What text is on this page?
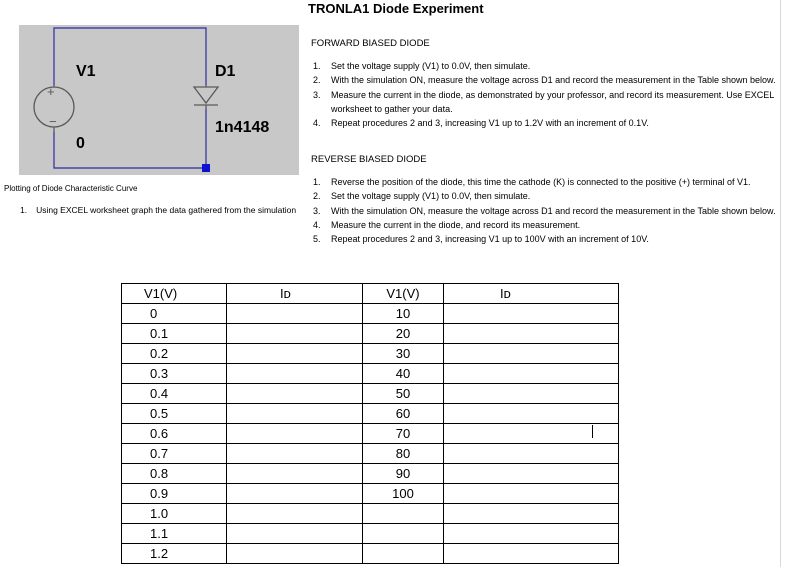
TRONLA1 Diode Experiment
+
−
V1
0
D1
1n4148
FORWARD BIASED DIODE
1. Set the voltage supply (V1) to 0.0V, then simulate.
2. With the simulation ON, measure the voltage across D1 and record the measurement in the Table shown below.
3. Measure the current in the diode, as demonstrated by your professor, and record its measurement. Use EXCEL worksheet to gather your data.
4. Repeat procedures 2 and 3, increasing V1 up to 1.2V with an increment of 0.1V.
REVERSE BIASED DIODE
1. Reverse the position of the diode, this time the cathode (K) is connected to the positive (+) terminal of V1.
2. Set the voltage supply (V1) to 0.0V, then simulate.
3. With the simulation ON, measure the voltage across D1 and record the measurement in the Table shown below.
4. Measure the current in the diode, and record its measurement.
5. Repeat procedures 2 and 3, increasing V1 up to 100V with an increment of 10V.
Plotting of Diode Characteristic Curve
1. Using EXCEL worksheet graph the data gathered from the simulation
V1(V)	Iᴅ	V1(V)	Iᴅ
0		10	
0.1		20	
0.2		30	
0.3		40	
0.4		50	
0.5		60	
0.6		70	
0.7		80	
0.8		90	
0.9		100	
1.0			
1.1			
1.2			
